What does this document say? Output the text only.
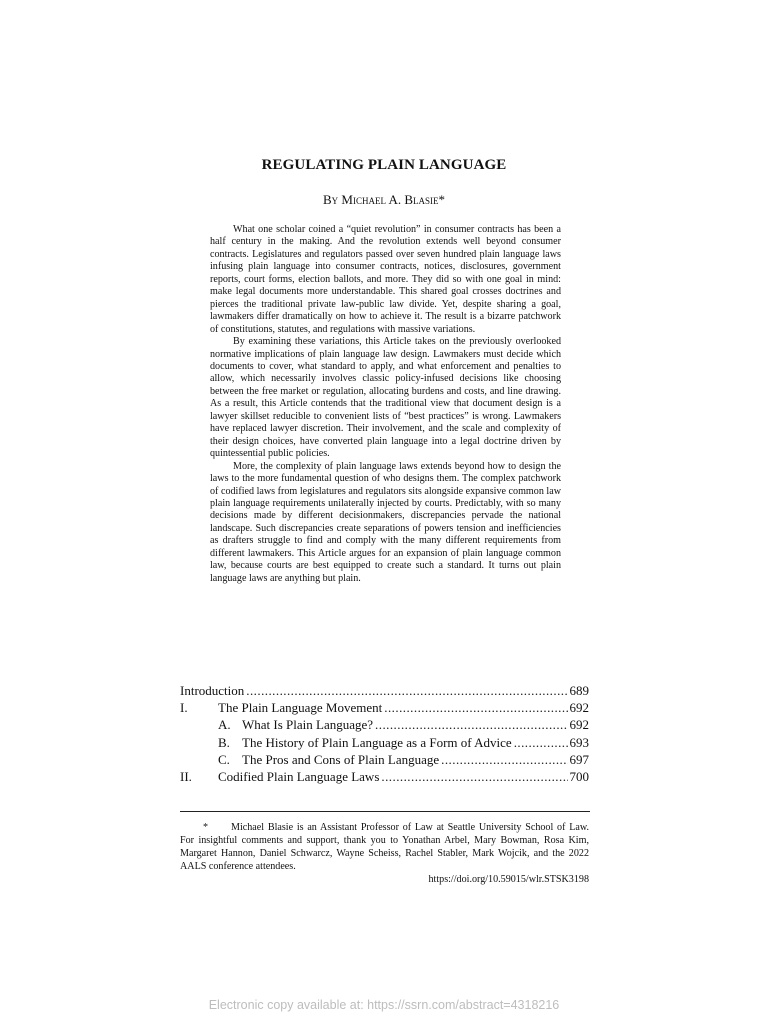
REGULATING PLAIN LANGUAGE
By Michael A. Blasie*

What one scholar coined a “quiet revolution” in consumer contracts has been a half century in the making. And the revolution extends well beyond consumer contracts. Legislatures and regulators passed over seven hundred plain language laws infusing plain language into consumer contracts, notices, disclosures, government reports, court forms, election ballots, and more. They did so with one goal in mind: make legal documents more understandable. This shared goal crosses doctrines and pierces the traditional private law-public law divide. Yet, despite sharing a goal, lawmakers differ dramatically on how to achieve it. The result is a bizarre patchwork of constitutions, statutes, and regulations with massive variations.

By examining these variations, this Article takes on the previously overlooked normative implications of plain language law design. Lawmakers must decide which documents to cover, what standard to apply, and what enforcement and penalties to allow, which necessarily involves classic policy-infused decisions like choosing between the free market or regulation, allocating burdens and costs, and line drawing. As a result, this Article contends that the traditional view that document design is a lawyer skillset reducible to convenient lists of “best practices” is wrong. Lawmakers have replaced lawyer discretion. Their involvement, and the scale and complexity of their design choices, have converted plain language into a legal doctrine driven by quintessential public policies.

More, the complexity of plain language laws extends beyond how to design the laws to the more fundamental question of who designs them. The complex patchwork of codified laws from legislatures and regulators sits alongside expansive common law plain language requirements unilaterally injected by courts. Predictably, with so many decisions made by different decisionmakers, discrepancies pervade the national landscape. Such discrepancies create separations of powers tension and inefficiencies as drafters struggle to find and comply with the many different requirements from different lawmakers. This Article argues for an expansion of plain language common law, because courts are best equipped to create such a standard. It turns out plain language laws are anything but plain.

Introduction . . .	689
I.	The Plain Language Movement . . .	692
A. What Is Plain Language? . . .	692
B. The History of Plain Language as a Form of Advice . . .	693
C. The Pros and Cons of Plain Language . . .	697
II.	Codified Plain Language Laws . . .	700

* Michael Blasie is an Assistant Professor of Law at Seattle University School of Law. For insightful comments and support, thank you to Yonathan Arbel, Mary Bowman, Rosa Kim, Margaret Hannon, Daniel Schwarcz, Wayne Scheiss, Rachel Stabler, Mark Wojcik, and the 2022 AALS conference attendees.

https://doi.org/10.59015/wlr.STSK3198

Electronic copy available at: https://ssrn.com/abstract=4318216
